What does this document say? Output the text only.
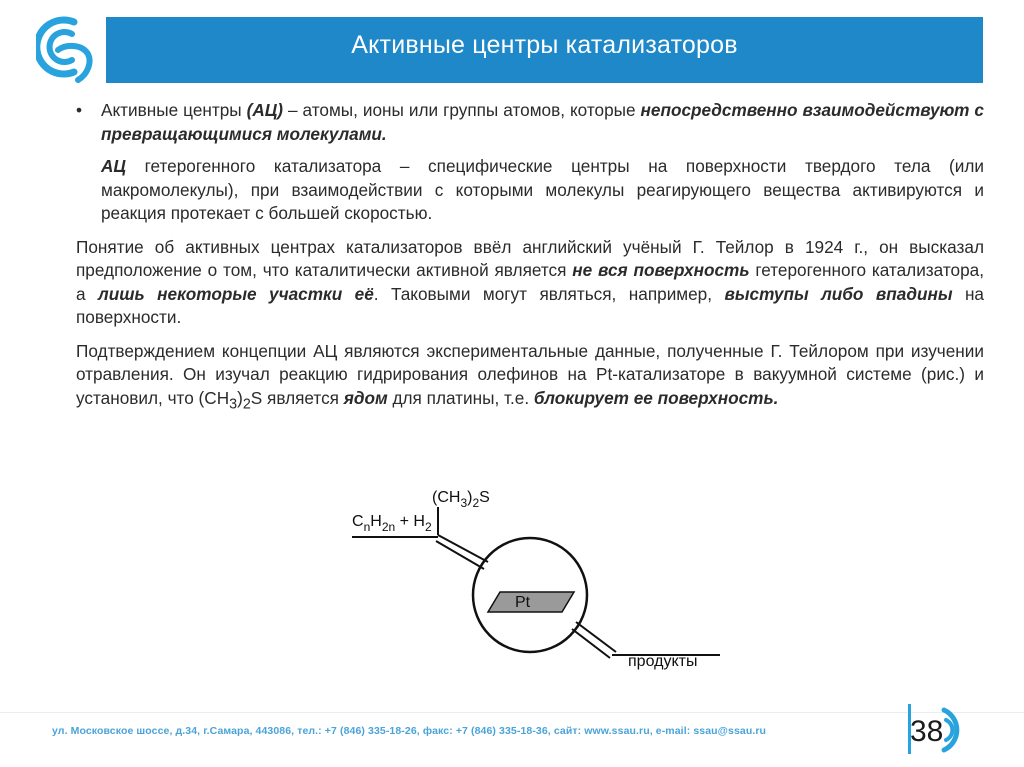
Активные центры катализаторов
•	Активные центры (АЦ) – атомы, ионы или группы атомов, которые непосредственно взаимодействуют с превращающимися молекулами.

АЦ гетерогенного катализатора – специфические центры на поверхности твердого тела (или макромолекулы), при взаимодействии с которыми молекулы реагирующего вещества активируются и реакция протекает с большей скоростью.

Понятие об активных центрах катализаторов ввёл английский учёный Г. Тейлор в 1924 г., он высказал предположение о том, что каталитически активной является не вся поверхность гетерогенного катализатора, а лишь некоторые участки её. Таковыми могут являться, например, выступы либо впадины на поверхности.

Подтверждением концепции АЦ являются экспериментальные данные, полученные Г. Тейлором при изучении отравления. Он изучал реакцию гидрирования олефинов на Pt-катализаторе в вакуумной системе (рис.) и установил, что $(CH_3)_2S$ является ядом для платины, т.е. блокирует ее поверхность.

$(CH_3)_2S$
$C_nH_{2n} + H_2$
Pt
продукты
ул. Московское шоссе, д.34, г.Самара, 443086, тел.: +7 (846) 335-18-26, факс: +7 (846) 335-18-36, сайт: www.ssau.ru, e-mail: ssau@ssau.ru	38
